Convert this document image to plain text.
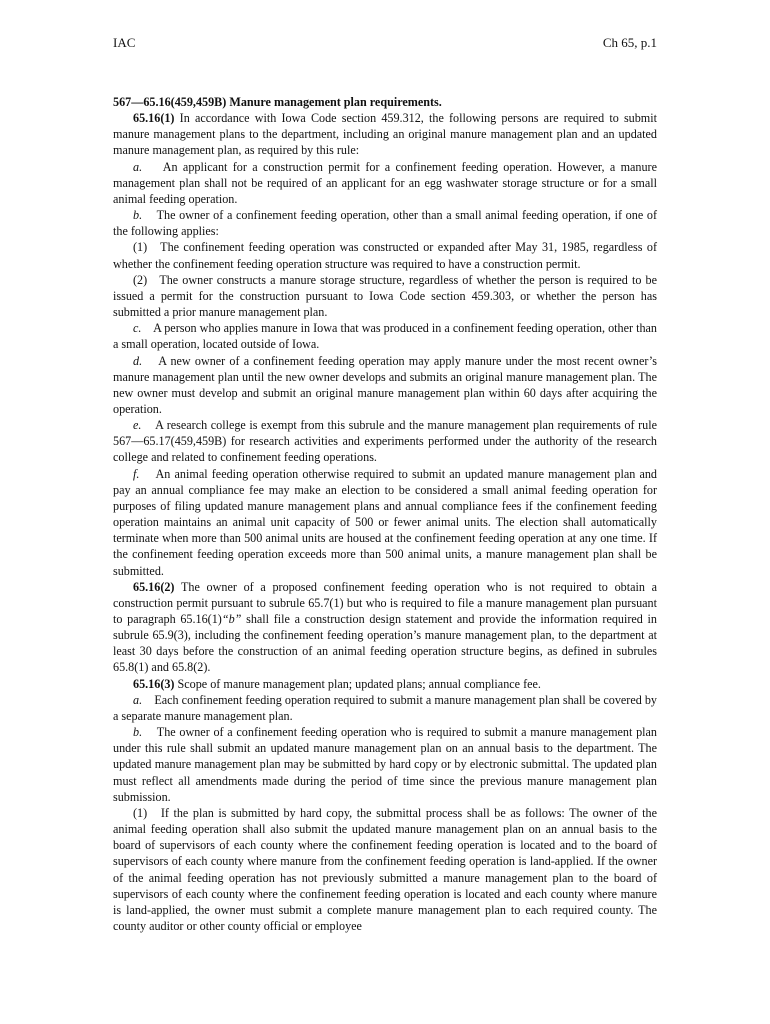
IAC	Ch 65, p.1

567—65.16(459,459B) Manure management plan requirements.

65.16(1) In accordance with Iowa Code section 459.312, the following persons are required to submit manure management plans to the department, including an original manure management plan and an updated manure management plan, as required by this rule:

a. An applicant for a construction permit for a confinement feeding operation. However, a manure management plan shall not be required of an applicant for an egg washwater storage structure or for a small animal feeding operation.

b. The owner of a confinement feeding operation, other than a small animal feeding operation, if one of the following applies:

(1) The confinement feeding operation was constructed or expanded after May 31, 1985, regardless of whether the confinement feeding operation structure was required to have a construction permit.

(2) The owner constructs a manure storage structure, regardless of whether the person is required to be issued a permit for the construction pursuant to Iowa Code section 459.303, or whether the person has submitted a prior manure management plan.

c. A person who applies manure in Iowa that was produced in a confinement feeding operation, other than a small operation, located outside of Iowa.

d. A new owner of a confinement feeding operation may apply manure under the most recent owner’s manure management plan until the new owner develops and submits an original manure management plan. The new owner must develop and submit an original manure management plan within 60 days after acquiring the operation.

e. A research college is exempt from this subrule and the manure management plan requirements of rule 567—65.17(459,459B) for research activities and experiments performed under the authority of the research college and related to confinement feeding operations.

f. An animal feeding operation otherwise required to submit an updated manure management plan and pay an annual compliance fee may make an election to be considered a small animal feeding operation for purposes of filing updated manure management plans and annual compliance fees if the confinement feeding operation maintains an animal unit capacity of 500 or fewer animal units. The election shall automatically terminate when more than 500 animal units are housed at the confinement feeding operation at any one time. If the confinement feeding operation exceeds more than 500 animal units, a manure management plan shall be submitted.

65.16(2) The owner of a proposed confinement feeding operation who is not required to obtain a construction permit pursuant to subrule 65.7(1) but who is required to file a manure management plan pursuant to paragraph 65.16(1)“b” shall file a construction design statement and provide the information required in subrule 65.9(3), including the confinement feeding operation’s manure management plan, to the department at least 30 days before the construction of an animal feeding operation structure begins, as defined in subrules 65.8(1) and 65.8(2).

65.16(3) Scope of manure management plan; updated plans; annual compliance fee.

a. Each confinement feeding operation required to submit a manure management plan shall be covered by a separate manure management plan.

b. The owner of a confinement feeding operation who is required to submit a manure management plan under this rule shall submit an updated manure management plan on an annual basis to the department. The updated manure management plan may be submitted by hard copy or by electronic submittal. The updated plan must reflect all amendments made during the period of time since the previous manure management plan submission.

(1) If the plan is submitted by hard copy, the submittal process shall be as follows: The owner of the animal feeding operation shall also submit the updated manure management plan on an annual basis to the board of supervisors of each county where the confinement feeding operation is located and to the board of supervisors of each county where manure from the confinement feeding operation is land-applied. If the owner of the animal feeding operation has not previously submitted a manure management plan to the board of supervisors of each county where the confinement feeding operation is located and each county where manure is land-applied, the owner must submit a complete manure management plan to each required county. The county auditor or other county official or employee
